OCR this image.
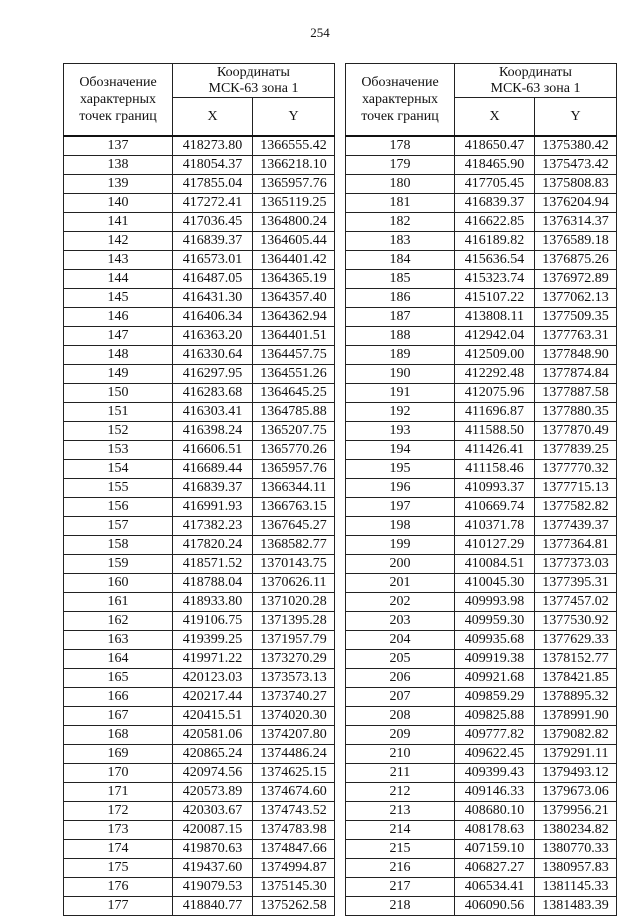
254
Обозначение
характерных
точек границ	Координаты
МСК-63 зона 1	
	X	Y
137	418273.80	1366555.42
138	418054.37	1366218.10
139	417855.04	1365957.76
140	417272.41	1365119.25
141	417036.45	1364800.24
142	416839.37	1364605.44
143	416573.01	1364401.42
144	416487.05	1364365.19
145	416431.30	1364357.40
146	416406.34	1364362.94
147	416363.20	1364401.51
148	416330.64	1364457.75
149	416297.95	1364551.26
150	416283.68	1364645.25
151	416303.41	1364785.88
152	416398.24	1365207.75
153	416606.51	1365770.26
154	416689.44	1365957.76
155	416839.37	1366344.11
156	416991.93	1366763.15
157	417382.23	1367645.27
158	417820.24	1368582.77
159	418571.52	1370143.75
160	418788.04	1370626.11
161	418933.80	1371020.28
162	419106.75	1371395.28
163	419399.25	1371957.79
164	419971.22	1373270.29
165	420123.03	1373573.13
166	420217.44	1373740.27
167	420415.51	1374020.30
168	420581.06	1374207.80
169	420865.24	1374486.24
170	420974.56	1374625.15
171	420573.89	1374674.60
172	420303.67	1374743.52
173	420087.15	1374783.98
174	419870.63	1374847.66
175	419437.60	1374994.87
176	419079.53	1375145.30
177	418840.77	1375262.58
Обозначение
характерных
точек границ	Координаты
МСК-63 зона 1	
	X	Y
178	418650.47	1375380.42
179	418465.90	1375473.42
180	417705.45	1375808.83
181	416839.37	1376204.94
182	416622.85	1376314.37
183	416189.82	1376589.18
184	415636.54	1376875.26
185	415323.74	1376972.89
186	415107.22	1377062.13
187	413808.11	1377509.35
188	412942.04	1377763.31
189	412509.00	1377848.90
190	412292.48	1377874.84
191	412075.96	1377887.58
192	411696.87	1377880.35
193	411588.50	1377870.49
194	411426.41	1377839.25
195	411158.46	1377770.32
196	410993.37	1377715.13
197	410669.74	1377582.82
198	410371.78	1377439.37
199	410127.29	1377364.81
200	410084.51	1377373.03
201	410045.30	1377395.31
202	409993.98	1377457.02
203	409959.30	1377530.92
204	409935.68	1377629.33
205	409919.38	1378152.77
206	409921.68	1378421.85
207	409859.29	1378895.32
208	409825.88	1378991.90
209	409777.82	1379082.82
210	409622.45	1379291.11
211	409399.43	1379493.12
212	409146.33	1379673.06
213	408680.10	1379956.21
214	408178.63	1380234.82
215	407159.10	1380770.33
216	406827.27	1380957.83
217	406534.41	1381145.33
218	406090.56	1381483.39
